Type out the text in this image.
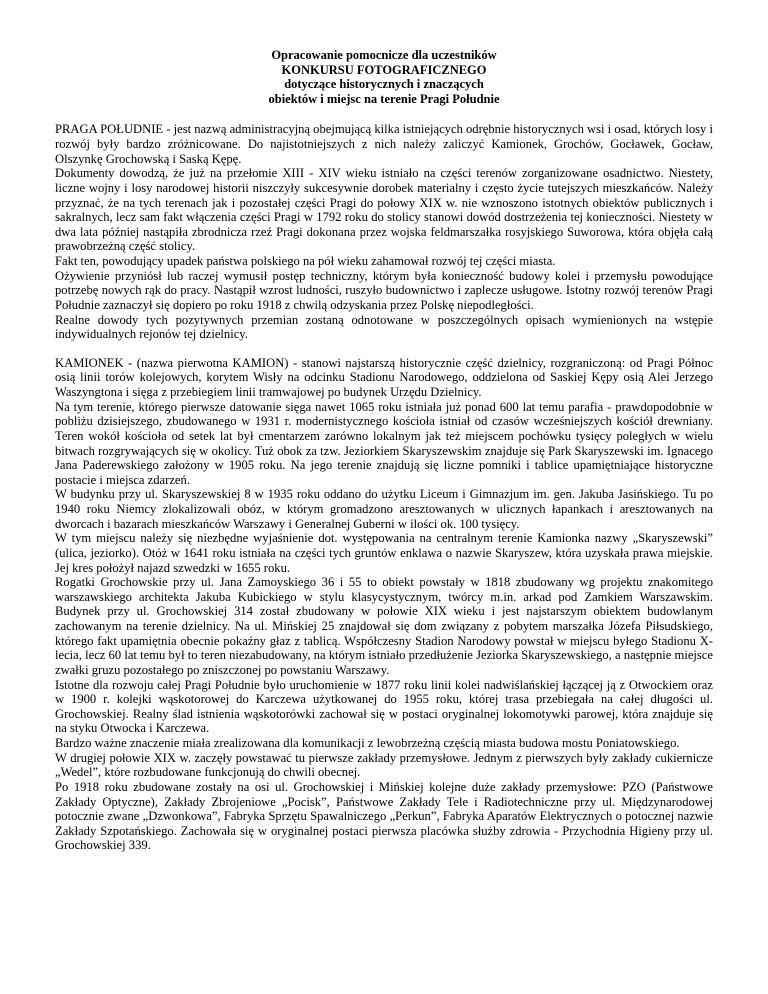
Opracowanie pomocnicze dla uczestników
KONKURSU FOTOGRAFICZNEGO
dotyczące historycznych i znaczących
obiektów i miejsc na terenie Pragi Południe

PRAGA POŁUDNIE - jest nazwą administracyjną obejmującą kilka istniejących odrębnie historycznych wsi i osad, których losy i rozwój były bardzo zróżnicowane. Do najistotniejszych z nich należy zaliczyć Kamionek, Grochów, Gocławek, Gocław, Olszynkę Grochowską i Saską Kępę.

Dokumenty dowodzą, że już na przełomie XIII - XIV wieku istniało na części terenów zorganizowane osadnictwo. Niestety, liczne wojny i losy narodowej historii niszczyły sukcesywnie dorobek materialny i często życie tutejszych mieszkańców. Należy przyznać, że na tych terenach jak i pozostałej części Pragi do połowy XIX w. nie wznoszono istotnych obiektów publicznych i sakralnych, lecz sam fakt włączenia części Pragi w 1792 roku do stolicy stanowi dowód dostrzeżenia tej konieczności. Niestety w dwa lata później nastąpiła zbrodnicza rzeź Pragi dokonana przez wojska feldmarszałka rosyjskiego Suworowa, która objęła całą prawobrzeżną część stolicy.

Fakt ten, powodujący upadek państwa polskiego na pół wieku zahamował rozwój tej części miasta.

Ożywienie przyniósł lub raczej wymusił postęp techniczny, którym była konieczność budowy kolei i przemysłu powodujące potrzebę nowych rąk do pracy. Nastąpił wzrost ludności, ruszyło budownictwo i zaplecze usługowe. Istotny rozwój terenów Pragi Południe zaznaczył się dopiero po roku 1918 z chwilą odzyskania przez Polskę niepodległości.

Realne dowody tych pozytywnych przemian zostaną odnotowane w poszczególnych opisach wymienionych na wstępie indywidualnych rejonów tej dzielnicy.

KAMIONEK - (nazwa pierwotna KAMION) - stanowi najstarszą historycznie część dzielnicy, rozgraniczoną: od Pragi Północ osią linii torów kolejowych, korytem Wisły na odcinku Stadionu Narodowego, oddzielona od Saskiej Kępy osią Alei Jerzego Waszyngtona i sięga z przebiegiem linii tramwajowej po budynek Urzędu Dzielnicy.

Na tym terenie, którego pierwsze datowanie sięga nawet 1065 roku istniała już ponad 600 lat temu parafia - prawdopodobnie w pobliżu dzisiejszego, zbudowanego w 1931 r. modernistycznego kościoła istniał od czasów wcześniejszych kościół drewniany. Teren wokół kościoła od setek lat był cmentarzem zarówno lokalnym jak też miejscem pochówku tysięcy poległych w wielu bitwach rozgrywających się w okolicy. Tuż obok za tzw. Jeziorkiem Skaryszewskim znajduje się Park Skaryszewski im. Ignacego Jana Paderewskiego założony w 1905 roku. Na jego terenie znajdują się liczne pomniki i tablice upamiętniające historyczne postacie i miejsca zdarzeń.

W budynku przy ul. Skaryszewskiej 8 w 1935 roku oddano do użytku Liceum i Gimnazjum im. gen. Jakuba Jasińskiego. Tu po 1940 roku Niemcy zlokalizowali obóz, w którym gromadzono aresztowanych w ulicznych łapankach i aresztowanych na dworcach i bazarach mieszkańców Warszawy i Generalnej Guberni w ilości ok. 100 tysięcy.

W tym miejscu należy się niezbędne wyjaśnienie dot. występowania na centralnym terenie Kamionka nazwy „Skaryszewski” (ulica, jeziorko). Otóż w 1641 roku istniała na części tych gruntów enklawa o nazwie Skaryszew, która uzyskała prawa miejskie. Jej kres położył najazd szwedzki w 1655 roku.

Rogatki Grochowskie przy ul. Jana Zamoyskiego 36 i 55 to obiekt powstały w 1818 zbudowany wg projektu znakomitego warszawskiego architekta Jakuba Kubickiego w stylu klasycystycznym, twórcy m.in. arkad pod Zamkiem Warszawskim. Budynek przy ul. Grochowskiej 314 został zbudowany w połowie XIX wieku i jest najstarszym obiektem budowlanym zachowanym na terenie dzielnicy. Na ul. Mińskiej 25 znajdował się dom związany z pobytem marszałka Józefa Piłsudskiego, którego fakt upamiętnia obecnie pokaźny głaz z tablicą. Współczesny Stadion Narodowy powstał w miejscu byłego Stadionu X-lecia, lecz 60 lat temu był to teren niezabudowany, na którym istniało przedłużenie Jeziorka Skaryszewskiego, a następnie miejsce zwałki gruzu pozostałego po zniszczonej po powstaniu Warszawy.

Istotne dla rozwoju całej Pragi Południe było uruchomienie w 1877 roku linii kolei nadwiślańskiej łączącej ją z Otwockiem oraz w 1900 r. kolejki wąskotorowej do Karczewa użytkowanej do 1955 roku, której trasa przebiegała na całej długości ul. Grochowskiej. Realny ślad istnienia wąskotorówki zachował się w postaci oryginalnej lokomotywki parowej, która znajduje się na styku Otwocka i Karczewa.

Bardzo ważne znaczenie miała zrealizowana dla komunikacji z lewobrzeżną częścią miasta budowa mostu Poniatowskiego.

W drugiej połowie XIX w. zaczęły powstawać tu pierwsze zakłady przemysłowe. Jednym z pierwszych były zakłady cukiernicze „Wedel”, które rozbudowane funkcjonują do chwili obecnej.

Po 1918 roku zbudowane zostały na osi ul. Grochowskiej i Mińskiej kolejne duże zakłady przemysłowe: PZO (Państwowe Zakłady Optyczne), Zakłady Zbrojeniowe „Pocisk”, Państwowe Zakłady Tele i Radiotechniczne przy ul. Międzynarodowej potocznie zwane „Dzwonkowa”, Fabryka Sprzętu Spawalniczego „Perkun”, Fabryka Aparatów Elektrycznych o potocznej nazwie Zakłady Szpotańskiego. Zachowała się w oryginalnej postaci pierwsza placówka służby zdrowia - Przychodnia Higieny przy ul. Grochowskiej 339.
